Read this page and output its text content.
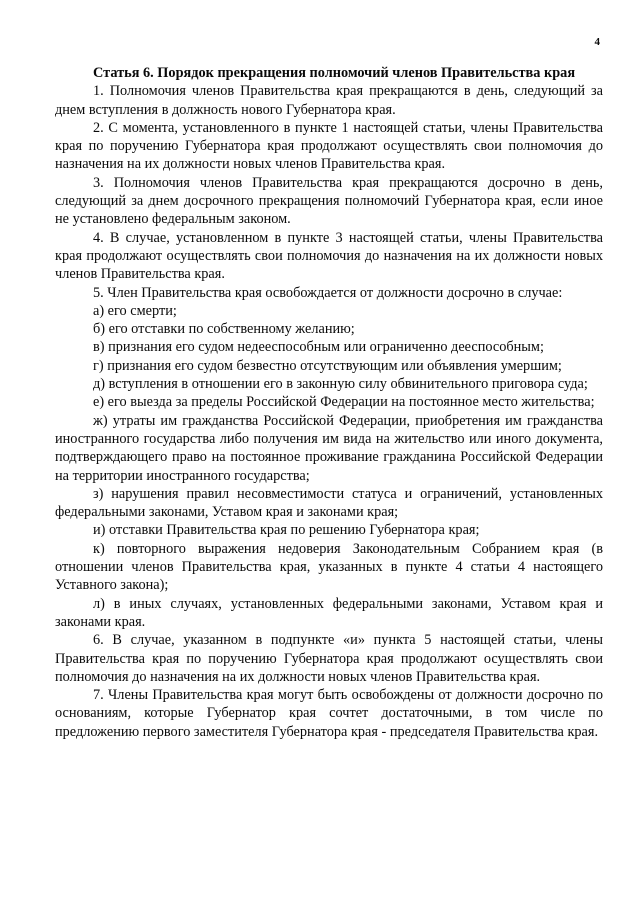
4

Статья 6. Порядок прекращения полномочий членов Правительства края

1. Полномочия членов Правительства края прекращаются в день, следующий за днем вступления в должность нового Губернатора края.

2. С момента, установленного в пункте 1 настоящей статьи, члены Правительства края по поручению Губернатора края продолжают осуществлять свои полномочия до назначения на их должности новых членов Правительства края.

3. Полномочия членов Правительства края прекращаются досрочно в день, следующий за днем досрочного прекращения полномочий Губернатора края, если иное не установлено федеральным законом.

4. В случае, установленном в пункте 3 настоящей статьи, члены Правительства края продолжают осуществлять свои полномочия до назначения на их должности новых членов Правительства края.

5. Член Правительства края освобождается от должности досрочно в случае:

а) его смерти;

б) его отставки по собственному желанию;

в) признания его судом недееспособным или ограниченно дееспособным;

г) признания его судом безвестно отсутствующим или объявления умершим;

д) вступления в отношении его в законную силу обвинительного приговора суда;

е) его выезда за пределы Российской Федерации на постоянное место жительства;

ж) утраты им гражданства Российской Федерации, приобретения им гражданства иностранного государства либо получения им вида на жительство или иного документа, подтверждающего право на постоянное проживание гражданина Российской Федерации на территории иностранного государства;

з) нарушения правил несовместимости статуса и ограничений, установленных федеральными законами, Уставом края и законами края;

и) отставки Правительства края по решению Губернатора края;

к) повторного выражения недоверия Законодательным Собранием края (в отношении членов Правительства края, указанных в пункте 4 статьи 4 настоящего Уставного закона);

л) в иных случаях, установленных федеральными законами, Уставом края и законами края.

6. В случае, указанном в подпункте «и» пункта 5 настоящей статьи, члены Правительства края по поручению Губернатора края продолжают осуществлять свои полномочия до назначения на их должности новых членов Правительства края.

7. Члены Правительства края могут быть освобождены от должности досрочно по основаниям, которые Губернатор края сочтет достаточными, в том числе по предложению первого заместителя Губернатора края - председателя Правительства края.
